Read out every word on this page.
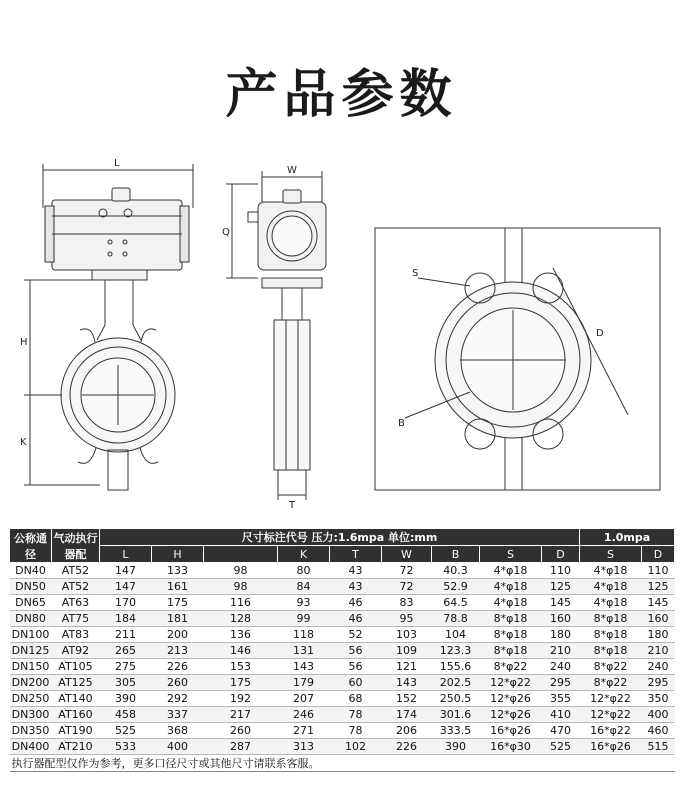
产品参数
L
H
K
W
Q
T
S
D
B
公称通径	气动执行器配	尺寸标注代号 压力:1.6mpa 单位:mm									1.0mpa	
		L	H		K	T	W	B	S	D	S	D
DN40	AT52	147	133	98	80	43	72	40.3	4*φ18	110	4*φ18	110
DN50	AT52	147	161	98	84	43	72	52.9	4*φ18	125	4*φ18	125
DN65	AT63	170	175	116	93	46	83	64.5	4*φ18	145	4*φ18	145
DN80	AT75	184	181	128	99	46	95	78.8	8*φ18	160	8*φ18	160
DN100	AT83	211	200	136	118	52	103	104	8*φ18	180	8*φ18	180
DN125	AT92	265	213	146	131	56	109	123.3	8*φ18	210	8*φ18	210
DN150	AT105	275	226	153	143	56	121	155.6	8*φ22	240	8*φ22	240
DN200	AT125	305	260	175	179	60	143	202.5	12*φ22	295	8*φ22	295
DN250	AT140	390	292	192	207	68	152	250.5	12*φ26	355	12*φ22	350
DN300	AT160	458	337	217	246	78	174	301.6	12*φ26	410	12*φ22	400
DN350	AT190	525	368	260	271	78	206	333.5	16*φ26	470	16*φ22	460
DN400	AT210	533	400	287	313	102	226	390	16*φ30	525	16*φ26	515
执行器配型仅作为参考，更多口径尺寸或其他尺寸请联系客服。												
